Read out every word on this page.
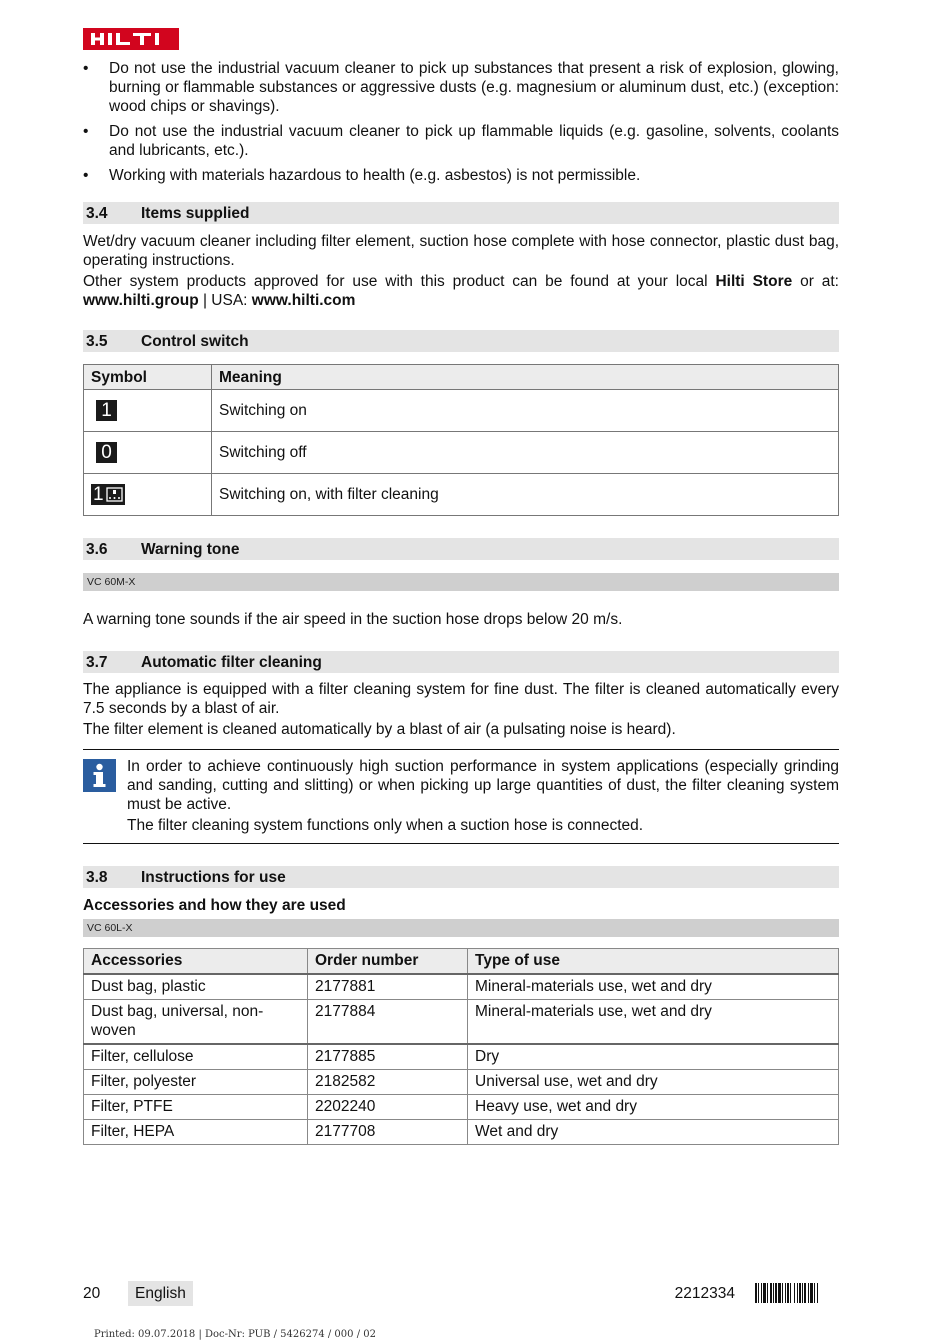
• Do not use the industrial vacuum cleaner to pick up substances that present a risk of explosion, glowing, burning or flammable substances or aggressive dusts (e.g. magnesium or aluminum dust, etc.) (exception: wood chips or shavings).
• Do not use the industrial vacuum cleaner to pick up flammable liquids (e.g. gasoline, solvents, coolants and lubricants, etc.).
• Working with materials hazardous to health (e.g. asbestos) is not permissible.
3.4	Items supplied
Wet/dry vacuum cleaner including filter element, suction hose complete with hose connector, plastic dust bag, operating instructions.
Other system products approved for use with this product can be found at your local Hilti Store or at: www.hilti.group | USA: www.hilti.com
3.5	Control switch
Symbol	Meaning
1	Switching on
0	Switching off
1	Switching on, with filter cleaning
3.6	Warning tone
VC 60M-X
A warning tone sounds if the air speed in the suction hose drops below 20 m/s.
3.7	Automatic filter cleaning
The appliance is equipped with a filter cleaning system for fine dust. The filter is cleaned automatically every 7.5 seconds by a blast of air.
The filter element is cleaned automatically by a blast of air (a pulsating noise is heard).
In order to achieve continuously high suction performance in system applications (especially grinding and sanding, cutting and slitting) or when picking up large quantities of dust, the filter cleaning system must be active.
The filter cleaning system functions only when a suction hose is connected.
3.8	Instructions for use
Accessories and how they are used
VC 60L-X
Accessories	Order number	Type of use
Dust bag, plastic	2177881	Mineral-materials use, wet and dry
Dust bag, universal, non-woven	2177884	Mineral-materials use, wet and dry
Filter, cellulose	2177885	Dry
Filter, polyester	2182582	Universal use, wet and dry
Filter, PTFE	2202240	Heavy use, wet and dry
Filter, HEPA	2177708	Wet and dry
20	English	2212334
Printed: 09.07.2018 | Doc-Nr: PUB / 5426274 / 000 / 02
